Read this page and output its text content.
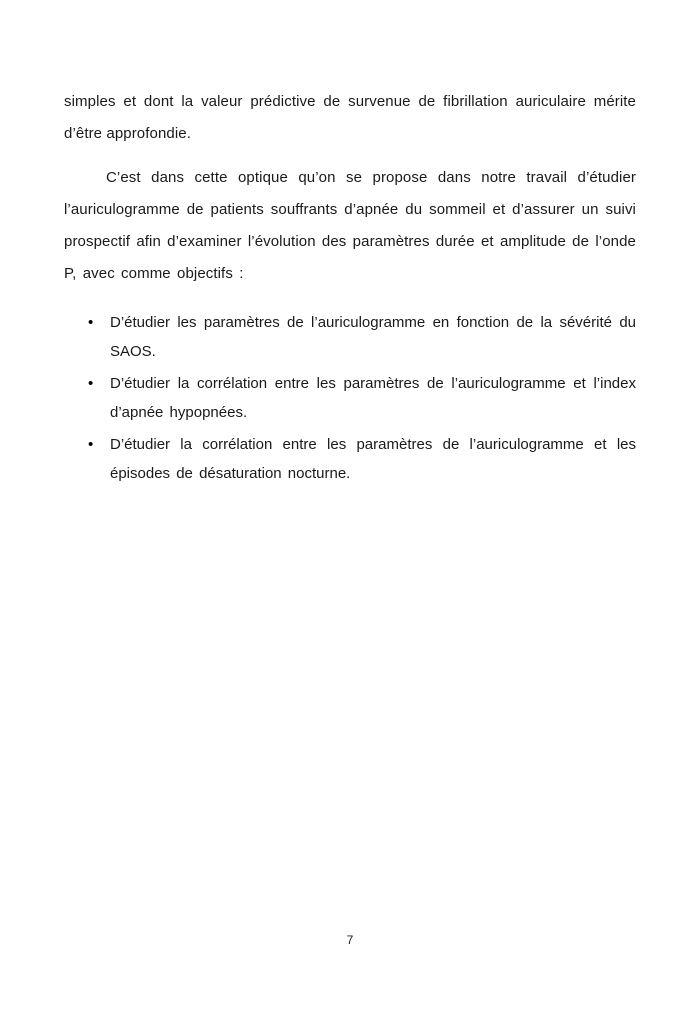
simples et dont la valeur prédictive de survenue de fibrillation auriculaire mérite d’être approfondie.

C’est dans cette optique qu’on se propose dans notre travail d’étudier l’auriculogramme de patients souffrants d’apnée du sommeil et d’assurer un suivi prospectif afin d’examiner l’évolution des paramètres durée et amplitude de l’onde P, avec comme objectifs :

• D’étudier les paramètres de l’auriculogramme en fonction de la sévérité du SAOS.
• D’étudier la corrélation entre les paramètres de l’auriculogramme et l’index d’apnée hypopnées.
• D’étudier la corrélation entre les paramètres de l’auriculogramme et les épisodes de désaturation nocturne.
7
